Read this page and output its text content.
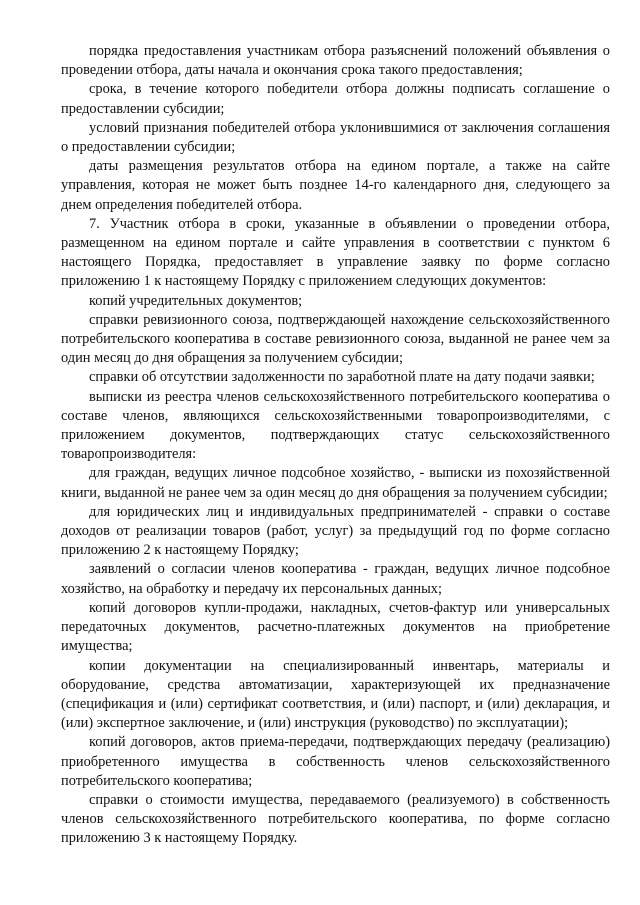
порядка предоставления участникам отбора разъяснений положений объявления о проведении отбора, даты начала и окончания срока такого предоставления;

срока, в течение которого победители отбора должны подписать соглашение о предоставлении субсидии;

условий признания победителей отбора уклонившимися от заключения соглашения о предоставлении субсидии;

даты размещения результатов отбора на едином портале, а также на сайте управления, которая не может быть позднее 14-го календарного дня, следующего за днем определения победителей отбора.

7. Участник отбора в сроки, указанные в объявлении о проведении отбора, размещенном на едином портале и сайте управления в соответствии с пунктом 6 настоящего Порядка, предоставляет в управление заявку по форме согласно приложению 1 к настоящему Порядку с приложением следующих документов:

копий учредительных документов;

справки ревизионного союза, подтверждающей нахождение сельскохозяйственного потребительского кооператива в составе ревизионного союза, выданной не ранее чем за один месяц до дня обращения за получением субсидии;

справки об отсутствии задолженности по заработной плате на дату подачи заявки;

выписки из реестра членов сельскохозяйственного потребительского кооператива о составе членов, являющихся сельскохозяйственными товаропроизводителями, с приложением документов, подтверждающих статус сельскохозяйственного товаропроизводителя:

для граждан, ведущих личное подсобное хозяйство, - выписки из похозяйственной книги, выданной не ранее чем за один месяц до дня обращения за получением субсидии;

для юридических лиц и индивидуальных предпринимателей - справки о составе доходов от реализации товаров (работ, услуг) за предыдущий год по форме согласно приложению 2 к настоящему Порядку;

заявлений о согласии членов кооператива - граждан, ведущих личное подсобное хозяйство, на обработку и передачу их персональных данных;

копий договоров купли-продажи, накладных, счетов-фактур или универсальных передаточных документов, расчетно-платежных документов на приобретение имущества;

копии документации на специализированный инвентарь, материалы и оборудование, средства автоматизации, характеризующей их предназначение (спецификация и (или) сертификат соответствия, и (или) паспорт, и (или) декларация, и (или) экспертное заключение, и (или) инструкция (руководство) по эксплуатации);

копий договоров, актов приема-передачи, подтверждающих передачу (реализацию) приобретенного имущества в собственность членов сельскохозяйственного потребительского кооператива;

справки о стоимости имущества, передаваемого (реализуемого) в собственность членов сельскохозяйственного потребительского кооператива, по форме согласно приложению 3 к настоящему Порядку.
